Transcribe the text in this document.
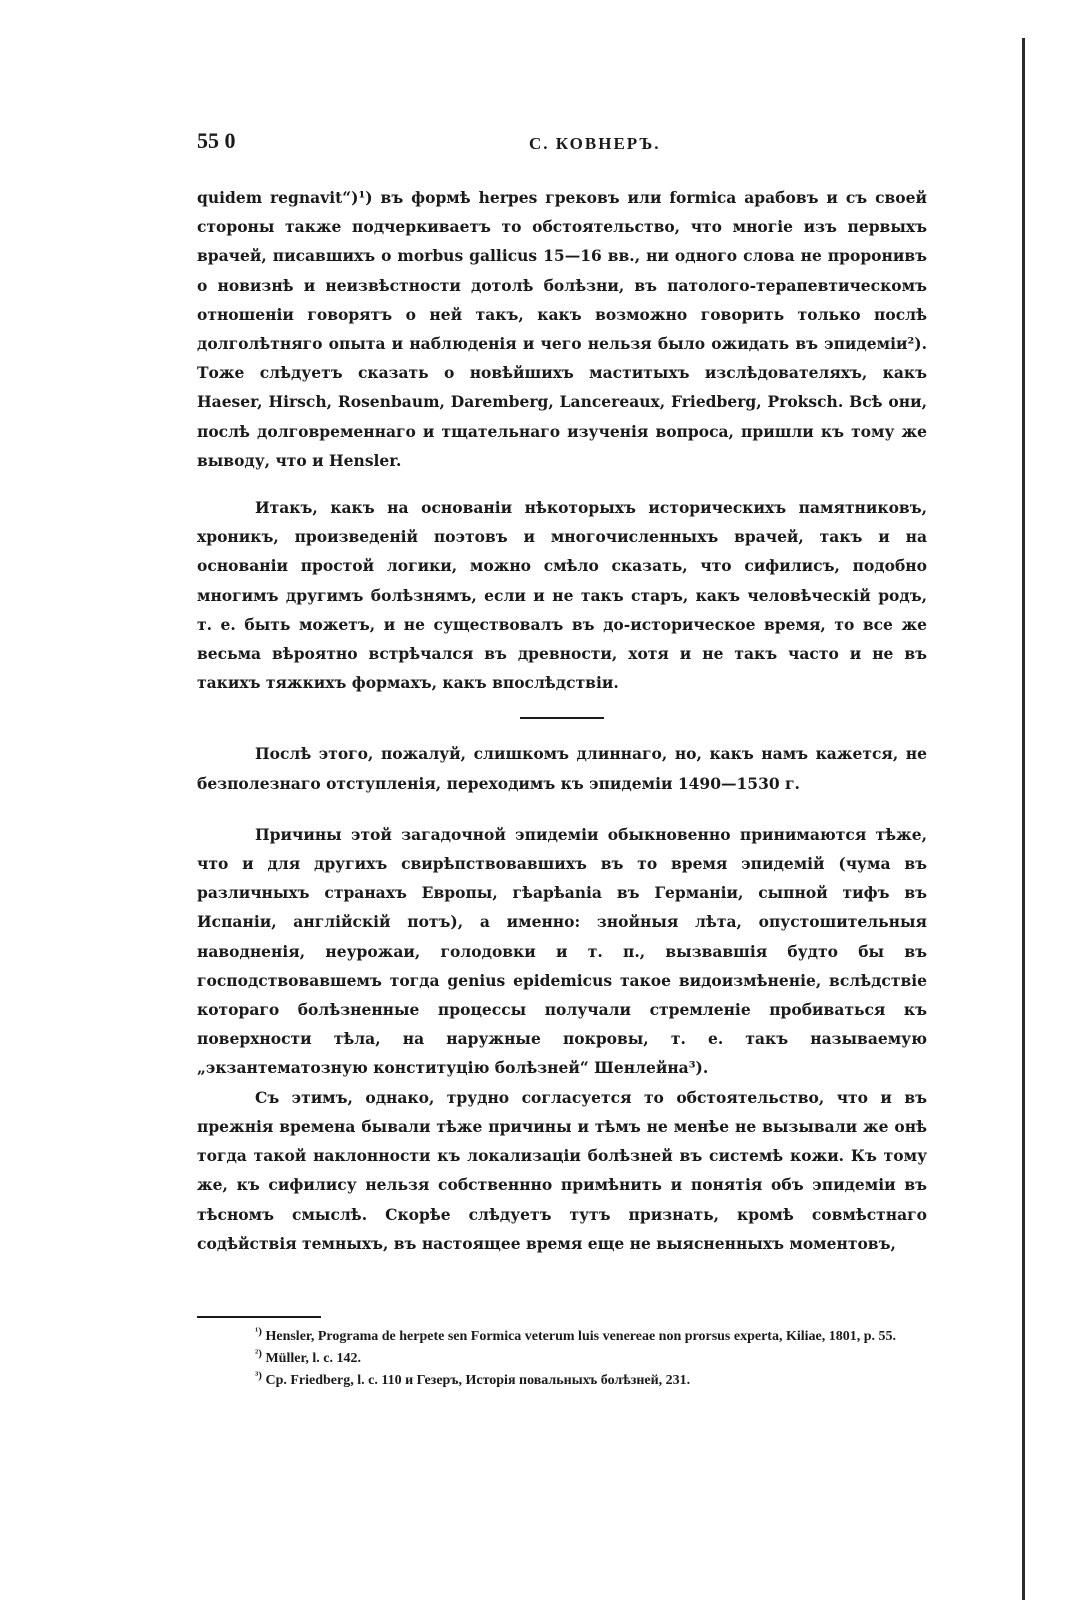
55 0	С. КОВНЕРЪ.

quidem regnavit“)¹) въ формѣ herpes грековъ или formica арабовъ и съ своей стороны также подчеркиваетъ то обстоятельство, что многіе изъ первыхъ врачей, писавшихъ о morbus gallicus 15—16 вв., ни одного слова не проронивъ о новизнѣ и неизвѣстности дотолѣ болѣзни, въ патолого-терапевтическомъ отношеніи говорятъ о ней такъ, какъ возможно говорить только послѣ долголѣтняго опыта и наблюденія и чего нельзя было ожидать въ эпидеміи²). Тоже слѣдуетъ сказать о новѣйшихъ маститыхъ изслѣдователяхъ, какъ Haeser, Hirsch, Rosenbaum, Daremberg, Lancereaux, Friedberg, Proksch. Всѣ они, послѣ долговременнаго и тщательнаго изученія вопроса, пришли къ тому же выводу, что и Hensler.

Итакъ, какъ на основаніи нѣкоторыхъ историческихъ памятниковъ, хроникъ, произведеній поэтовъ и многочисленныхъ врачей, такъ и на основаніи простой логики, можно смѣло сказать, что сифилисъ, подобно многимъ другимъ болѣзнямъ, если и не такъ старъ, какъ человѣческій родъ, т. е. быть можетъ, и не существовалъ въ до-историческое время, то все же весьма вѣроятно встрѣчался въ древности, хотя и не такъ часто и не въ такихъ тяжкихъ формахъ, какъ впослѣдствіи.

Послѣ этого, пожалуй, слишкомъ длиннаго, но, какъ намъ кажется, не безполезнаго отступленія, переходимъ къ эпидеміи 1490—1530 г.

Причины этой загадочной эпидеміи обыкновенно принимаются тѣже, что и для другихъ свирѣпствовавшихъ въ то время эпидемій (чума въ различныхъ странахъ Европы, гѣарѣаnia въ Германіи, сыпной тифъ въ Испаніи, англійскій потъ), а именно: знойныя лѣта, опустошительныя наводненія, неурожаи, голодовки и т. п., вызвавшія будто бы въ господствовавшемъ тогда genius epidemicus такое видоизмѣненіе, вслѣдствіе котораго болѣзненные процессы получали стремленіе пробиваться къ поверхности тѣла, на наружные покровы, т. е. такъ называемую „экзантематозную конституцію болѣзней“ Шенлейна³).

Съ этимъ, однако, трудно согласуется то обстоятельство, что и въ прежнія времена бывали тѣже причины и тѣмъ не менѣе не вызывали же онѣ тогда такой наклонности къ локализаціи болѣзней въ системѣ кожи. Къ тому же, къ сифилису нельзя собственнно примѣнить и понятія объ эпидеміи въ тѣсномъ смыслѣ. Скорѣе слѣдуетъ тутъ признать, кромѣ совмѣстнаго содѣйствія темныхъ, въ настоящее время еще не выясненныхъ моментовъ,

$^{^1)}$ Hensler, Programa de herpete sen Formica veterum luis venereae non prorsus experta, Kiliae, 1801, p. 55.

$^{^2)}$ Müller, l. c. 142.

$^{^3)}$ Ср. Friedberg, l. c. 110 и Гезеръ, Исторія повальныхъ болѣзней, 231.
